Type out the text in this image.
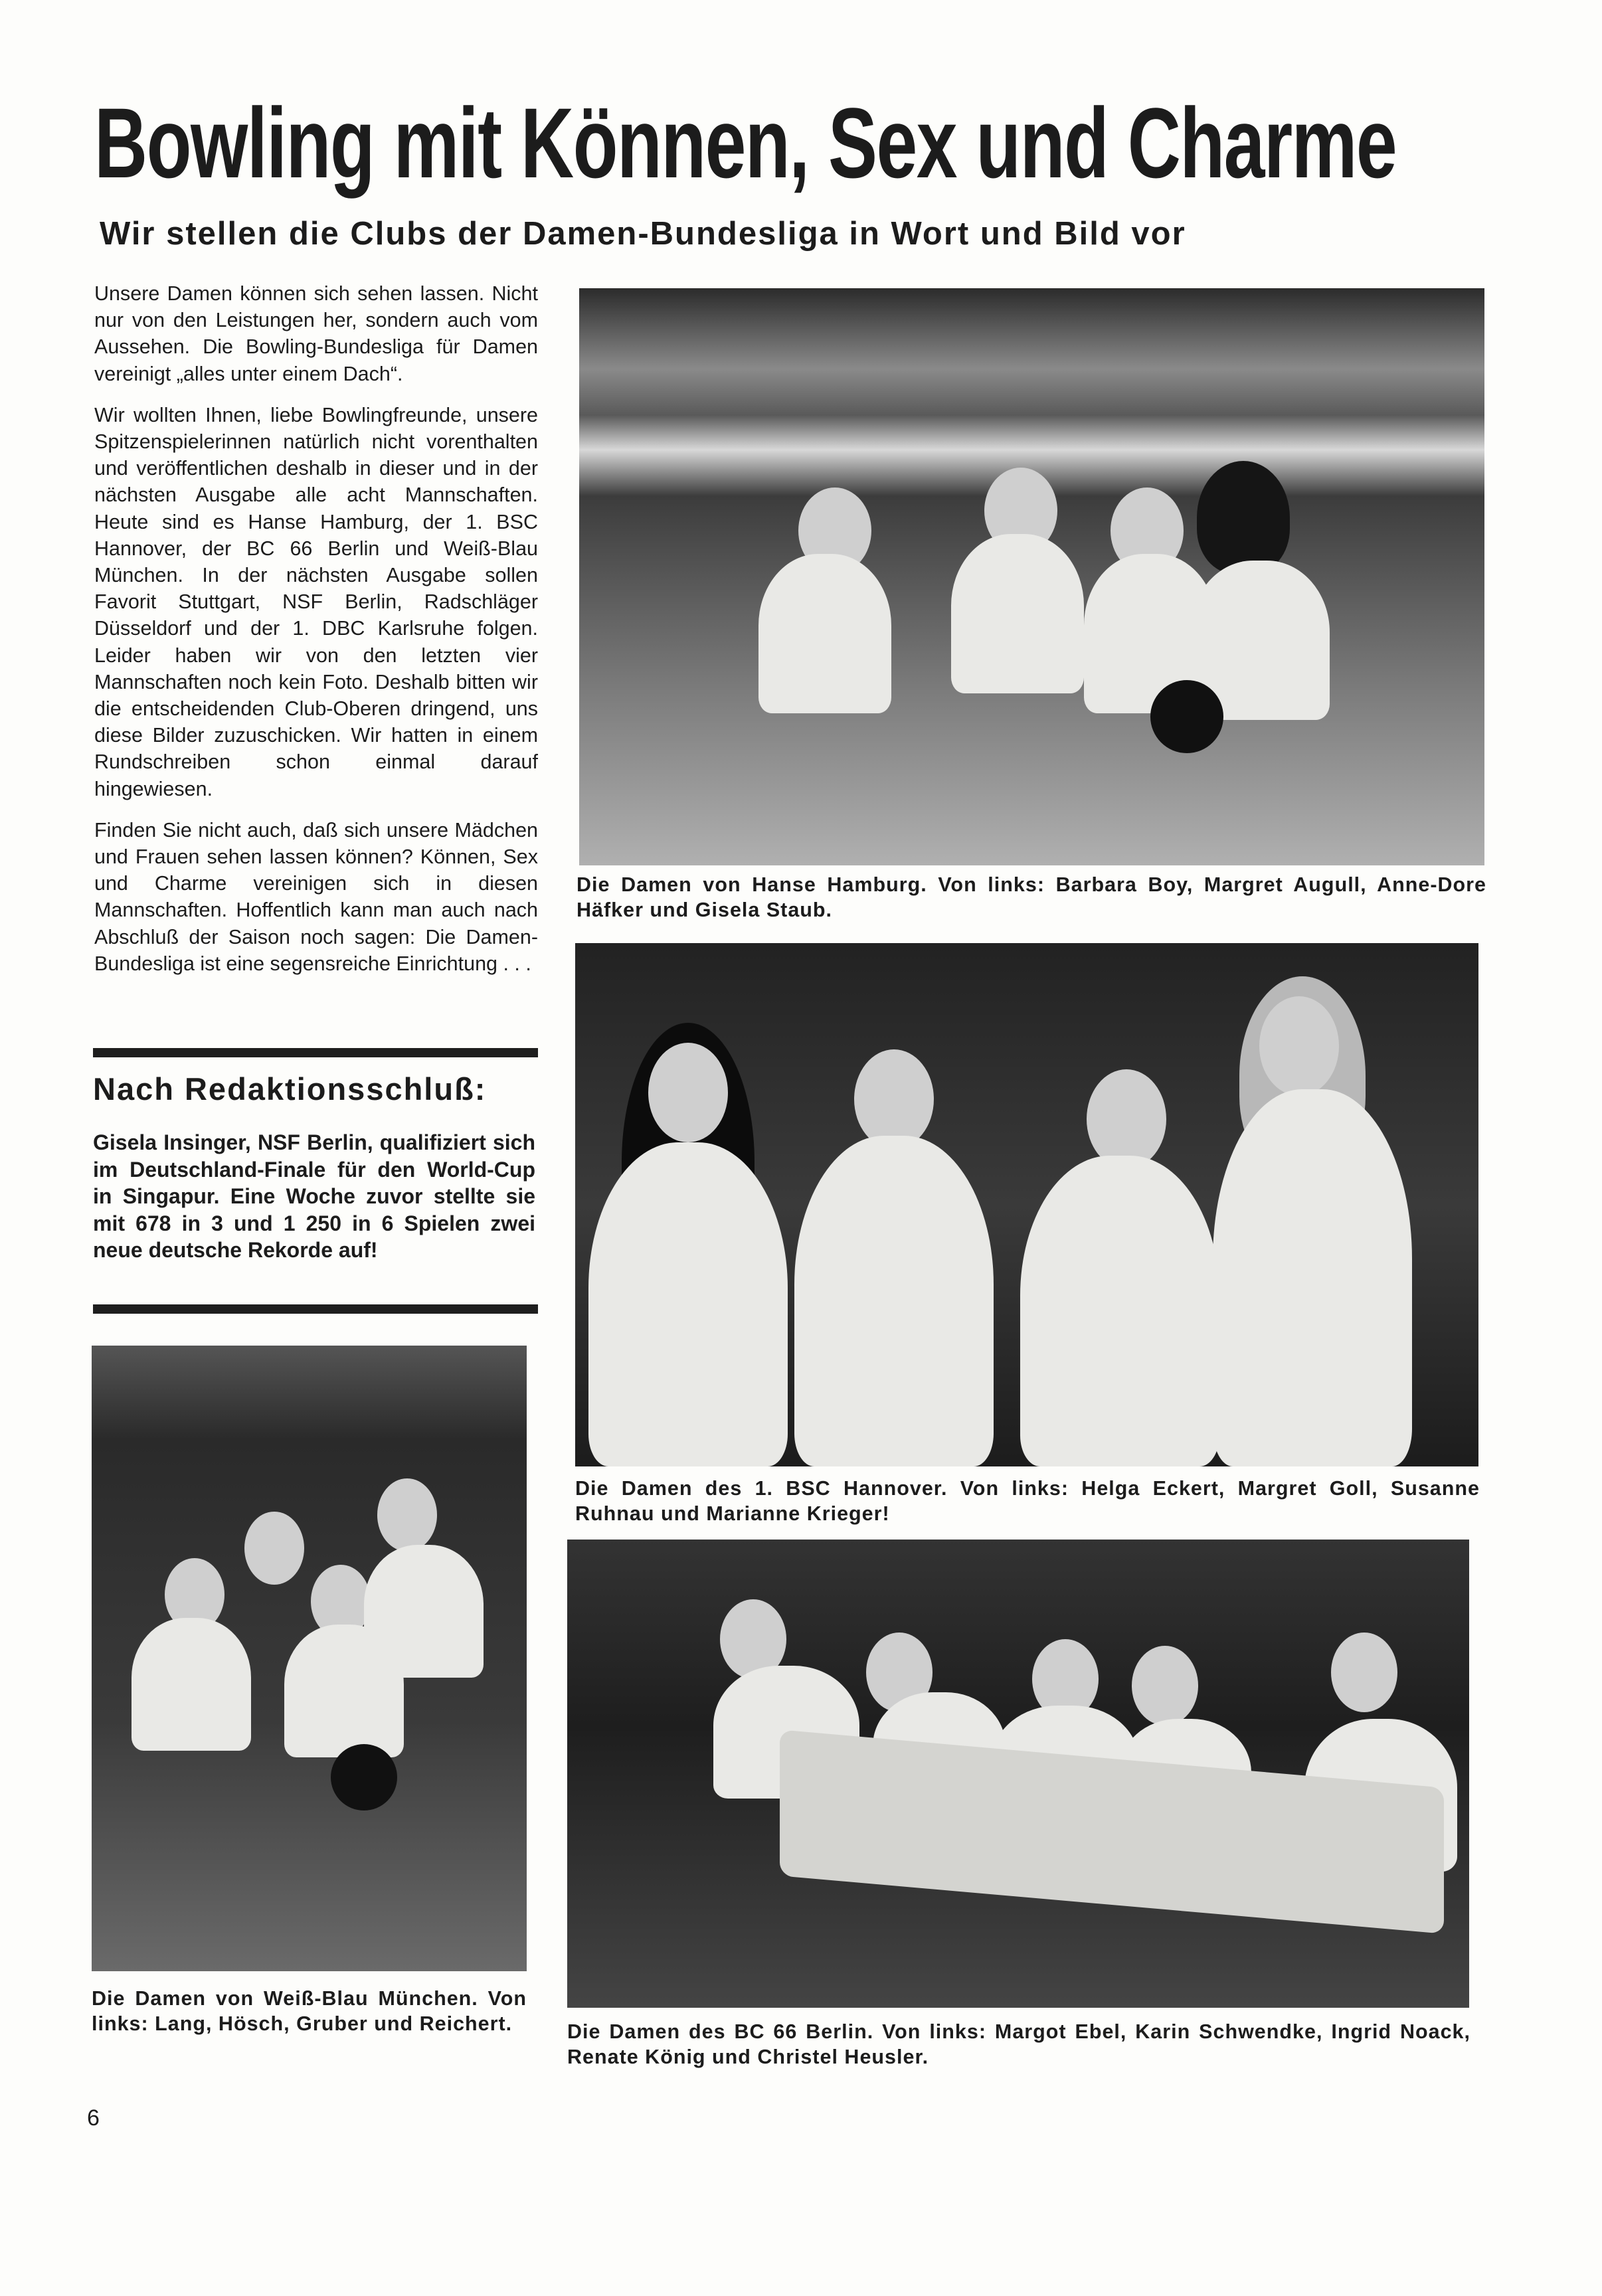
Bowling mit Können, Sex und Charme
Wir stellen die Clubs der Damen-Bundesliga in Wort und Bild vor

Unsere Damen können sich sehen lassen. Nicht nur von den Leistungen her, sondern auch vom Aussehen. Die Bowling-Bundesliga für Damen vereinigt „alles unter einem Dach“.

Wir wollten Ihnen, liebe Bowlingfreunde, unsere Spitzenspielerinnen natürlich nicht vorenthalten und veröffentlichen deshalb in dieser und in der nächsten Ausgabe alle acht Mannschaften. Heute sind es Hanse Hamburg, der 1. BSC Hannover, der BC 66 Berlin und Weiß-Blau München. In der nächsten Ausgabe sollen Favorit Stuttgart, NSF Berlin, Radschläger Düsseldorf und der 1. DBC Karlsruhe folgen. Leider haben wir von den letzten vier Mannschaften noch kein Foto. Deshalb bitten wir die entscheidenden Club-Oberen dringend, uns diese Bilder zuzuschicken. Wir hatten in einem Rundschreiben schon einmal darauf hingewiesen.

Finden Sie nicht auch, daß sich unsere Mädchen und Frauen sehen lassen können? Können, Sex und Charme vereinigen sich in diesen Mannschaften. Hoffentlich kann man auch nach Abschluß der Saison noch sagen: Die Damen-Bundesliga ist eine segensreiche Einrichtung . . .

Nach Redaktionsschluß:
Gisela Insinger, NSF Berlin, qualifiziert sich im Deutschland-Finale für den World-Cup in Singapur. Eine Woche zuvor stellte sie mit 678 in 3 und 1 250 in 6 Spielen zwei neue deutsche Rekorde auf!
Die Damen von Hanse Hamburg. Von links: Barbara Boy, Margret Augull, Anne-Dore Häfker und Gisela Staub.
Die Damen des 1. BSC Hannover. Von links: Helga Eckert, Margret Goll, Susanne Ruhnau und Marianne Krieger!
Die Damen von Weiß-Blau München. Von links: Lang, Hösch, Gruber und Reichert.	Die Damen des BC 66 Berlin. Von links: Margot Ebel, Karin Schwendke, Ingrid Noack, Renate König und Christel Heusler.
6
